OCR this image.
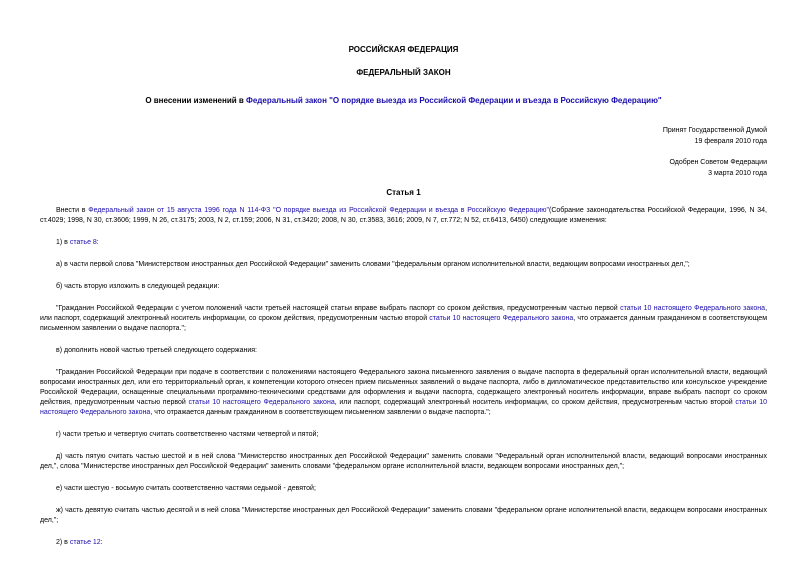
РОССИЙСКАЯ ФЕДЕРАЦИЯ
ФЕДЕРАЛЬНЫЙ ЗАКОН
О внесении изменений в Федеральный закон "О порядке выезда из Российской Федерации и въезда в Российскую Федерацию"
Принят Государственной Думой
19 февраля 2010 года
Одобрен Советом Федерации
3 марта 2010 года
Статья 1

Внести в Федеральный закон от 15 августа 1996 года N 114-ФЗ "О порядке выезда из Российской Федерации и въезда в Российскую Федерацию"(Собрание законодательства Российской Федерации, 1996, N 34, ст.4029; 1998, N 30, ст.3606; 1999, N 26, ст.3175; 2003, N 2, ст.159; 2006, N 31, ст.3420; 2008, N 30, ст.3583, 3616; 2009, N 7, ст.772; N 52, ст.6413, 6450) следующие изменения:

1) в статье 8:

а) в части первой слова "Министерством иностранных дел Российской Федерации" заменить словами "федеральным органом исполнительной власти, ведающим вопросами иностранных дел,";

б) часть вторую изложить в следующей редакции:

"Гражданин Российской Федерации с учетом положений части третьей настоящей статьи вправе выбрать паспорт со сроком действия, предусмотренным частью первой статьи 10 настоящего Федерального закона, или паспорт, содержащий электронный носитель информации, со сроком действия, предусмотренным частью второй статьи 10 настоящего Федерального закона, что отражается данным гражданином в соответствующем письменном заявлении о выдаче паспорта.";

в) дополнить новой частью третьей следующего содержания:

"Гражданин Российской Федерации при подаче в соответствии с положениями настоящего Федерального закона письменного заявления о выдаче паспорта в федеральный орган исполнительной власти, ведающий вопросами иностранных дел, или его территориальный орган, к компетенции которого отнесен прием письменных заявлений о выдаче паспорта, либо в дипломатическое представительство или консульское учреждение Российской Федерации, оснащенные специальными программно-техническими средствами для оформления и выдачи паспорта, содержащего электронный носитель информации, вправе выбрать паспорт со сроком действия, предусмотренным частью первой статьи 10 настоящего Федерального закона, или паспорт, содержащий электронный носитель информации, со сроком действия, предусмотренным частью второй статьи 10 настоящего Федерального закона, что отражается данным гражданином в соответствующем письменном заявлении о выдаче паспорта.";

г) части третью и четвертую считать соответственно частями четвертой и пятой;

д) часть пятую считать частью шестой и в ней слова "Министерство иностранных дел Российской Федерации" заменить словами "Федеральный орган исполнительной власти, ведающий вопросами иностранных дел,", слова "Министерстве иностранных дел Российской Федерации" заменить словами "федеральном органе исполнительной власти, ведающем вопросами иностранных дел,";

е) части шестую - восьмую считать соответственно частями седьмой - девятой;

ж) часть девятую считать частью десятой и в ней слова "Министерстве иностранных дел Российской Федерации" заменить словами "федеральном органе исполнительной власти, ведающем вопросами иностранных дел,";

2) в статье 12:
